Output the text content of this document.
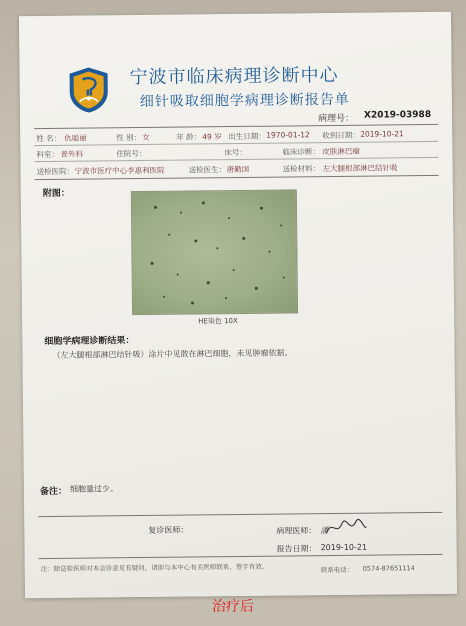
宁波市临床病理诊断中心
细针吸取细胞学病理诊断报告单
病理号： X2019-03988
姓 名： 仇聪丽	性 别： 女	年 龄： 49 岁 出生日期： 1970-01-12 收到日期： 2019-10-21
科室： 普外科	住院号：	床号：	临床诊断： 皮肤淋巴瘤
送检医院： 宁波市医疗中心李惠利医院	送检医生： 唐勤国	送检材料： 左大腿根部淋巴结针吸
附图：
HE染色 10X
细胞学病理诊断结果：
（左大腿根部淋巴结针吸）涂片中见散在淋巴细胞，未见肿瘤依据。
备注： 细胞量过少。
复诊医师：	病理医师： 潘
报告日期： 2019-10-21
注：除送检医师对本会诊意见有疑问，请即与本中心有关医师联系，签字有效。	联系电话： 0574-87651114
治疗后
